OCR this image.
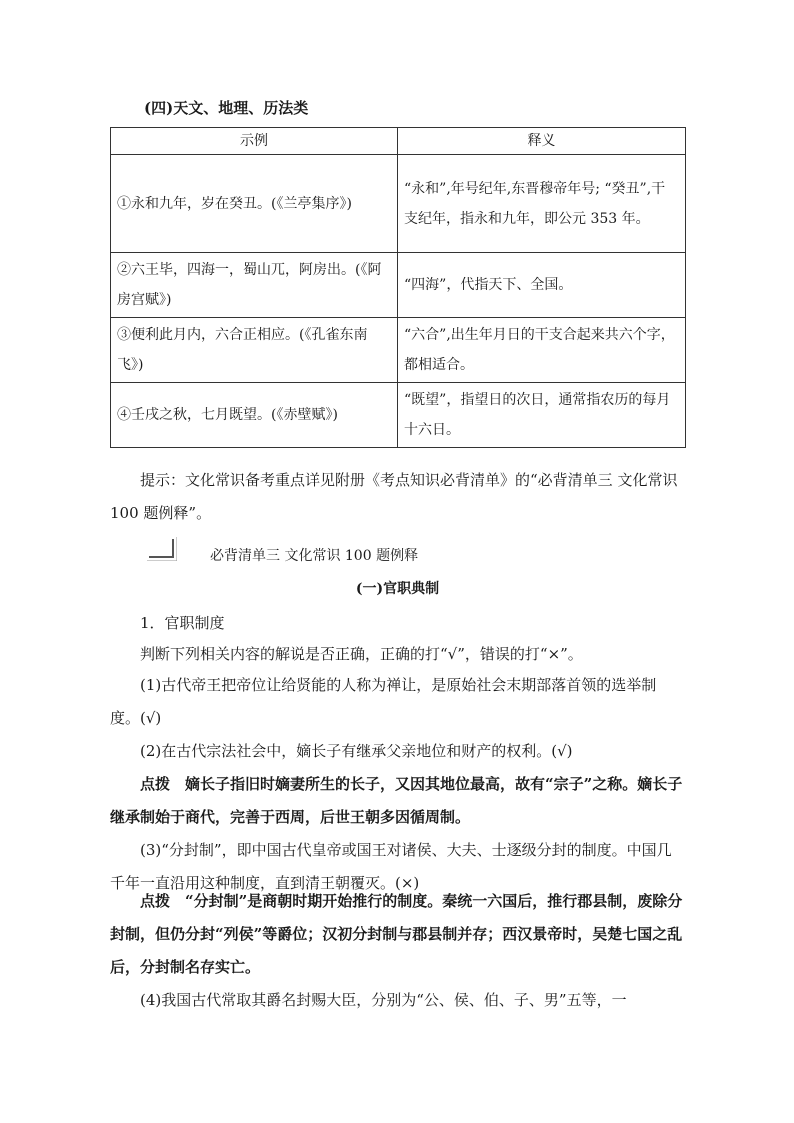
(四)天文、地理、历法类
示例	释义
①永和九年，岁在癸丑。(《兰亭集序》)	“永和”,年号纪年,东晋穆帝年号; “癸丑”,干支纪年，指永和九年，即公元 353 年。
②六王毕，四海一，蜀山兀，阿房出。(《阿房宫赋》)	“四海”，代指天下、全国。
③便利此月内，六合正相应。(《孔雀东南飞》)	“六合”,出生年月日的干支合起来共六个字，都相适合。
④壬戌之秋，七月既望。(《赤壁赋》)	“既望”，指望日的次日，通常指农历的每月十六日。

提示：文化常识备考重点详见附册《考点知识必背清单》的“必背清单三 文化常识 100 题例释”。

必背清单三 文化常识 100 题例释
(一)官职典制

1．官职制度

判断下列相关内容的解说是否正确，正确的打“√”，错误的打“×”。

(1)古代帝王把帝位让给贤能的人称为禅让，是原始社会末期部落首领的选举制度。(√)

(2)在古代宗法社会中，嫡长子有继承父亲地位和财产的权利。(√)

点拨　嫡长子指旧时嫡妻所生的长子，又因其地位最高，故有“宗子”之称。嫡长子继承制始于商代，完善于西周，后世王朝多因循周制。

(3)“分封制”，即中国古代皇帝或国王对诸侯、大夫、士逐级分封的制度。中国几千年一直沿用这种制度，直到清王朝覆灭。(×)

点拨　“分封制”是商朝时期开始推行的制度。秦统一六国后，推行郡县制，废除分封制，但仍分封“列侯”等爵位；汉初分封制与郡县制并存；西汉景帝时，吴楚七国之乱后，分封制名存实亡。

(4)我国古代常取其爵名封赐大臣，分别为“公、侯、伯、子、男”五等，一
